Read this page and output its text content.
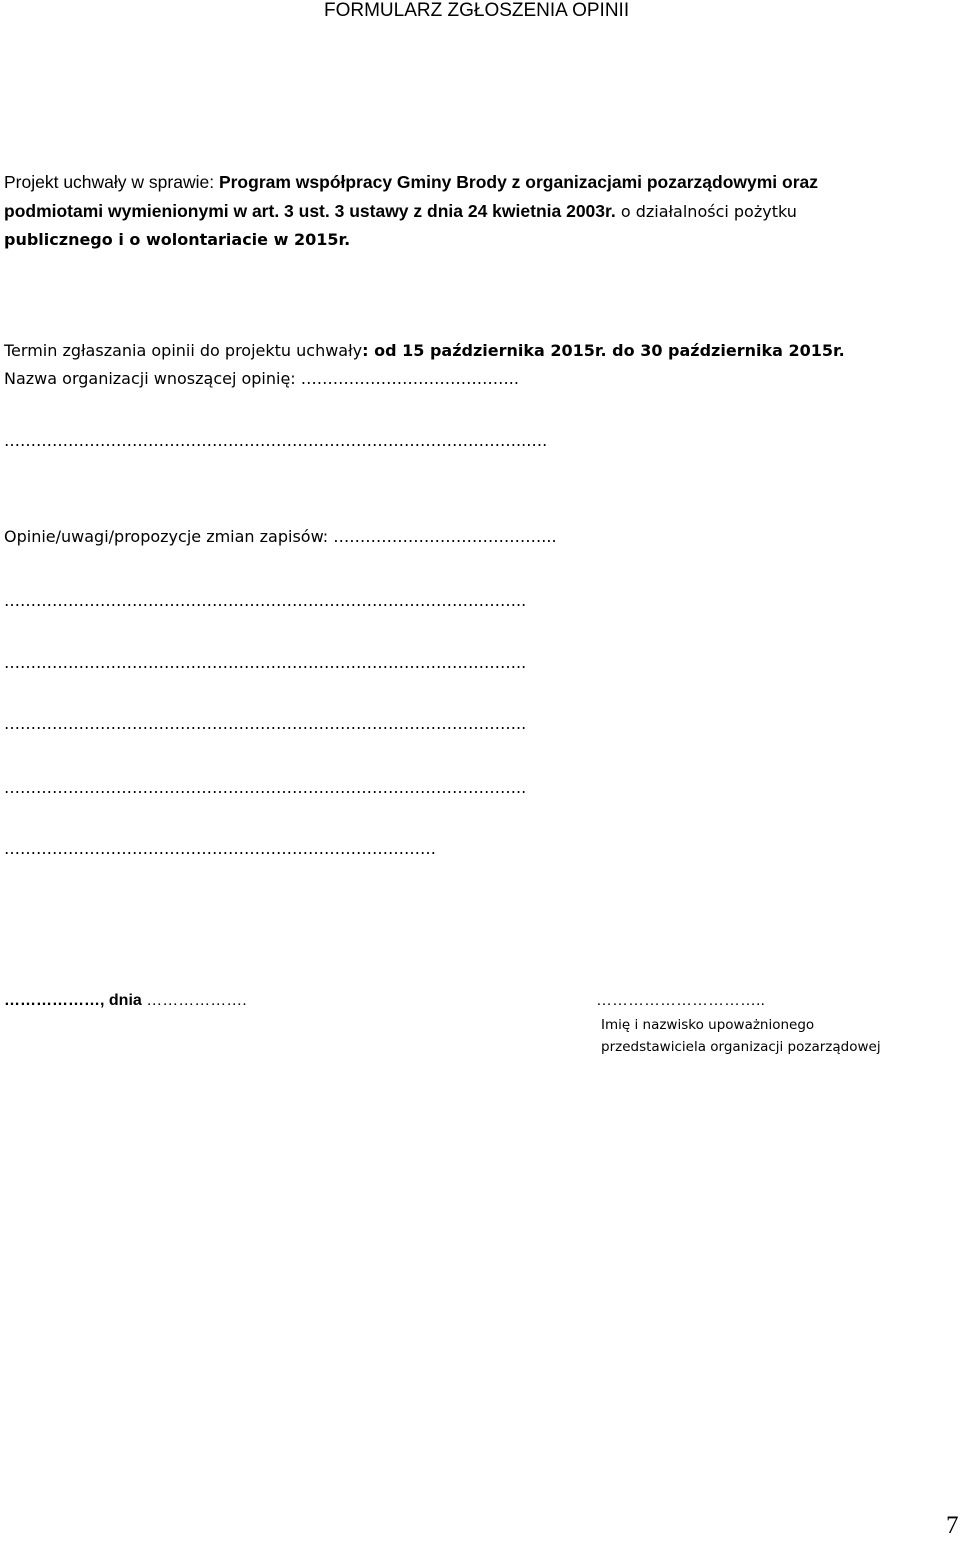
FORMULARZ ZGŁOSZENIA OPINII

Projekt uchwały w sprawie: Program współpracy Gminy Brody z organizacjami pozarządowymi oraz

podmiotami wymienionymi w art. 3 ust. 3 ustawy z dnia 24 kwietnia 2003r. o działalności pożytku

publicznego i o wolontariacie w 2015r.

Termin zgłaszania opinii do projektu uchwały: od 15 października 2015r. do 30 października 2015r.

Nazwa organizacji wnoszącej opinię: …………………………………..

……………………………………………………………………………………..….

Opinie/uwagi/propozycje zmian zapisów: …………………………………...

……………………………………………………………………………………..

……………………………………………………………………………………..

……………………………………………………………………………………..

……………………………………………………………………………………..

………………………………………………………………………

………………, dnia ……………….	…………………………..

Imię i nazwisko upoważnionego

przedstawiciela organizacji pozarządowej

7
